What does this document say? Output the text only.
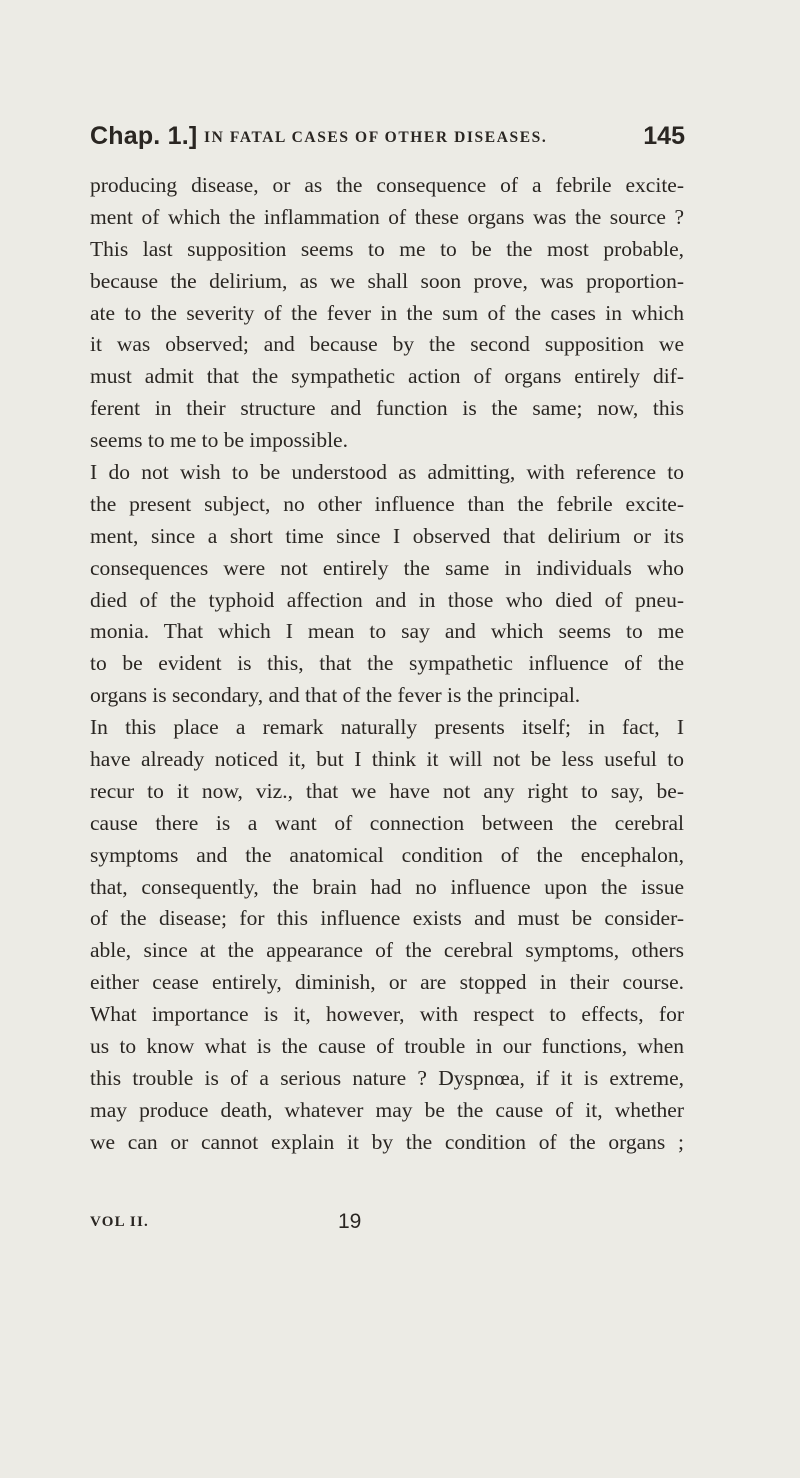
Chap. 1.] IN FATAL CASES OF OTHER DISEASES.	145
producing disease, or as the consequence of a febrile excite-
ment of which the inflammation of these organs was the source ?
This last supposition seems to me to be the most probable,
because the delirium, as we shall soon prove, was proportion-
ate to the severity of the fever in the sum of the cases in which
it was observed; and because by the second supposition we
must admit that the sympathetic action of organs entirely dif-
ferent in their structure and function is the same; now, this
seems to me to be impossible.
I do not wish to be understood as admitting, with reference to
the present subject, no other influence than the febrile excite-
ment, since a short time since I observed that delirium or its
consequences were not entirely the same in individuals who
died of the typhoid affection and in those who died of pneu-
monia. That which I mean to say and which seems to me
to be evident is this, that the sympathetic influence of the
organs is secondary, and that of the fever is the principal.
In this place a remark naturally presents itself; in fact, I
have already noticed it, but I think it will not be less useful to
recur to it now, viz., that we have not any right to say, be-
cause there is a want of connection between the cerebral
symptoms and the anatomical condition of the encephalon,
that, consequently, the brain had no influence upon the issue
of the disease; for this influence exists and must be consider-
able, since at the appearance of the cerebral symptoms, others
either cease entirely, diminish, or are stopped in their course.
What importance is it, however, with respect to effects, for
us to know what is the cause of trouble in our functions, when
this trouble is of a serious nature ? Dyspnœa, if it is extreme,
may produce death, whatever may be the cause of it, whether
we can or cannot explain it by the condition of the organs ;
VOL II.	19
